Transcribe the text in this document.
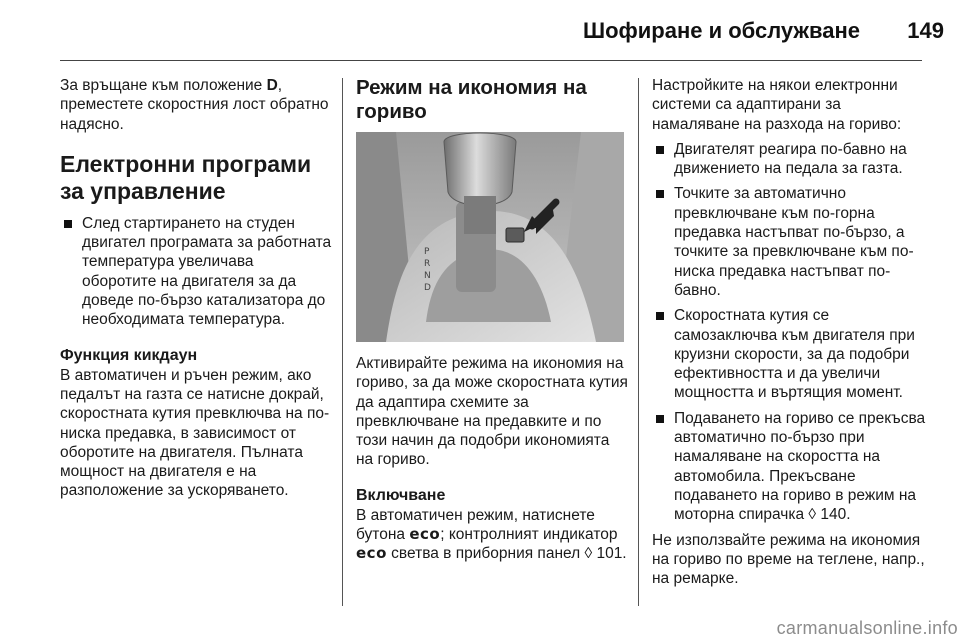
Шофиране и обслужване	149

За връщане към положение D, преместете скоростния лост обратно надясно.

Електронни програми за управление
След стартирането на студен двигател програмата за работната температура увеличава оборотите на двигателя за да доведе по-бързо катализатора до необходимата температура.
Функция кикдаун

В автоматичен и ръчен режим, ако педалът на газта се натисне докрай, скоростната кутия превключва на по-ниска предавка, в зависимост от оборотите на двигателя. Пълната мощност на двигателя е на разположение за ускоряването.

Режим на икономия на гориво
P
R
N
D

Активирайте режима на икономия на гориво, за да може скоростната кутия да адаптира схемите за превключване на предавките и по този начин да подобри икономията на гориво.

Включване

В автоматичен режим, натиснете бутона eco; контролният индикатор eco светва в приборния панел ◊ 101.

Настройките на някои електронни системи са адаптирани за намаляване на разхода на гориво:

Двигателят реагира по-бавно на движението на педала за газта.
Точките за автоматично превключване към по-горна предавка настъпват по-бързо, а точките за превключване към по-ниска предавка настъпват по-бавно.
Скоростната кутия се самозаключва към двигателя при круизни скорости, за да подобри ефективността и да увеличи мощността и въртящия момент.
Подаването на гориво се прекъсва автоматично по-бързо при намаляване на скоростта на автомобила. Прекъсване подаването на гориво в режим на моторна спирачка ◊ 140.

Не използвайте режима на икономия на гориво по време на теглене, напр., на ремарке.

carmanualsonline.info
